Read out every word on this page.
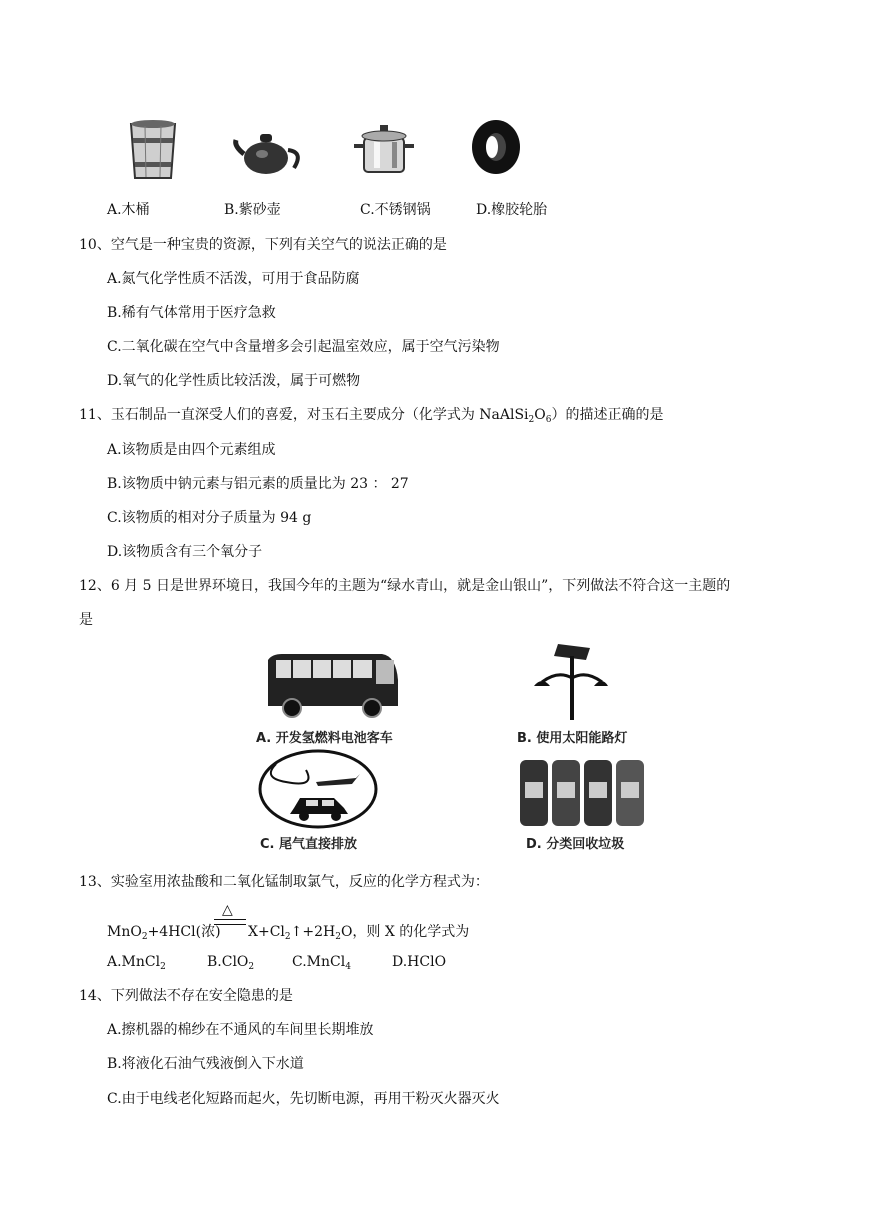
A.木桶	B.紫砂壶	C.不锈钢锅	D.橡胶轮胎
10、空气是一种宝贵的资源，下列有关空气的说法正确的是
A.氮气化学性质不活泼，可用于食品防腐
B.稀有气体常用于医疗急救
C.二氧化碳在空气中含量增多会引起温室效应，属于空气污染物
D.氧气的化学性质比较活泼，属于可燃物
11、玉石制品一直深受人们的喜爱，对玉石主要成分（化学式为 $NaAlSi_2O_6$）的描述正确的是
A.该物质是由四个元素组成
B.该物质中钠元素与铝元素的质量比为 23 ： 27
C.该物质的相对分子质量为 94 g
D.该物质含有三个氧分子
12、6 月 5 日是世界环境日，我国今年的主题为“绿水青山，就是金山银山”，下列做法不符合这一主题的
是
A. 开发氢燃料电池客车	B. 使用太阳能路灯
C. 尾气直接排放	D. 分类回收垃圾
13、实验室用浓盐酸和二氧化锰制取氯气，反应的化学方程式为：
△
MnO$_2$+4HCl(浓) $X+Cl_2↑+2H_2O$，则 X 的化学式为
A.MnCl$_2$	B.ClO$_2$	C.MnCl$_4$	D.HClO
14、下列做法不存在安全隐患的是
A.擦机器的棉纱在不通风的车间里长期堆放
B.将液化石油气残液倒入下水道
C.由于电线老化短路而起火，先切断电源，再用干粉灭火器灭火
